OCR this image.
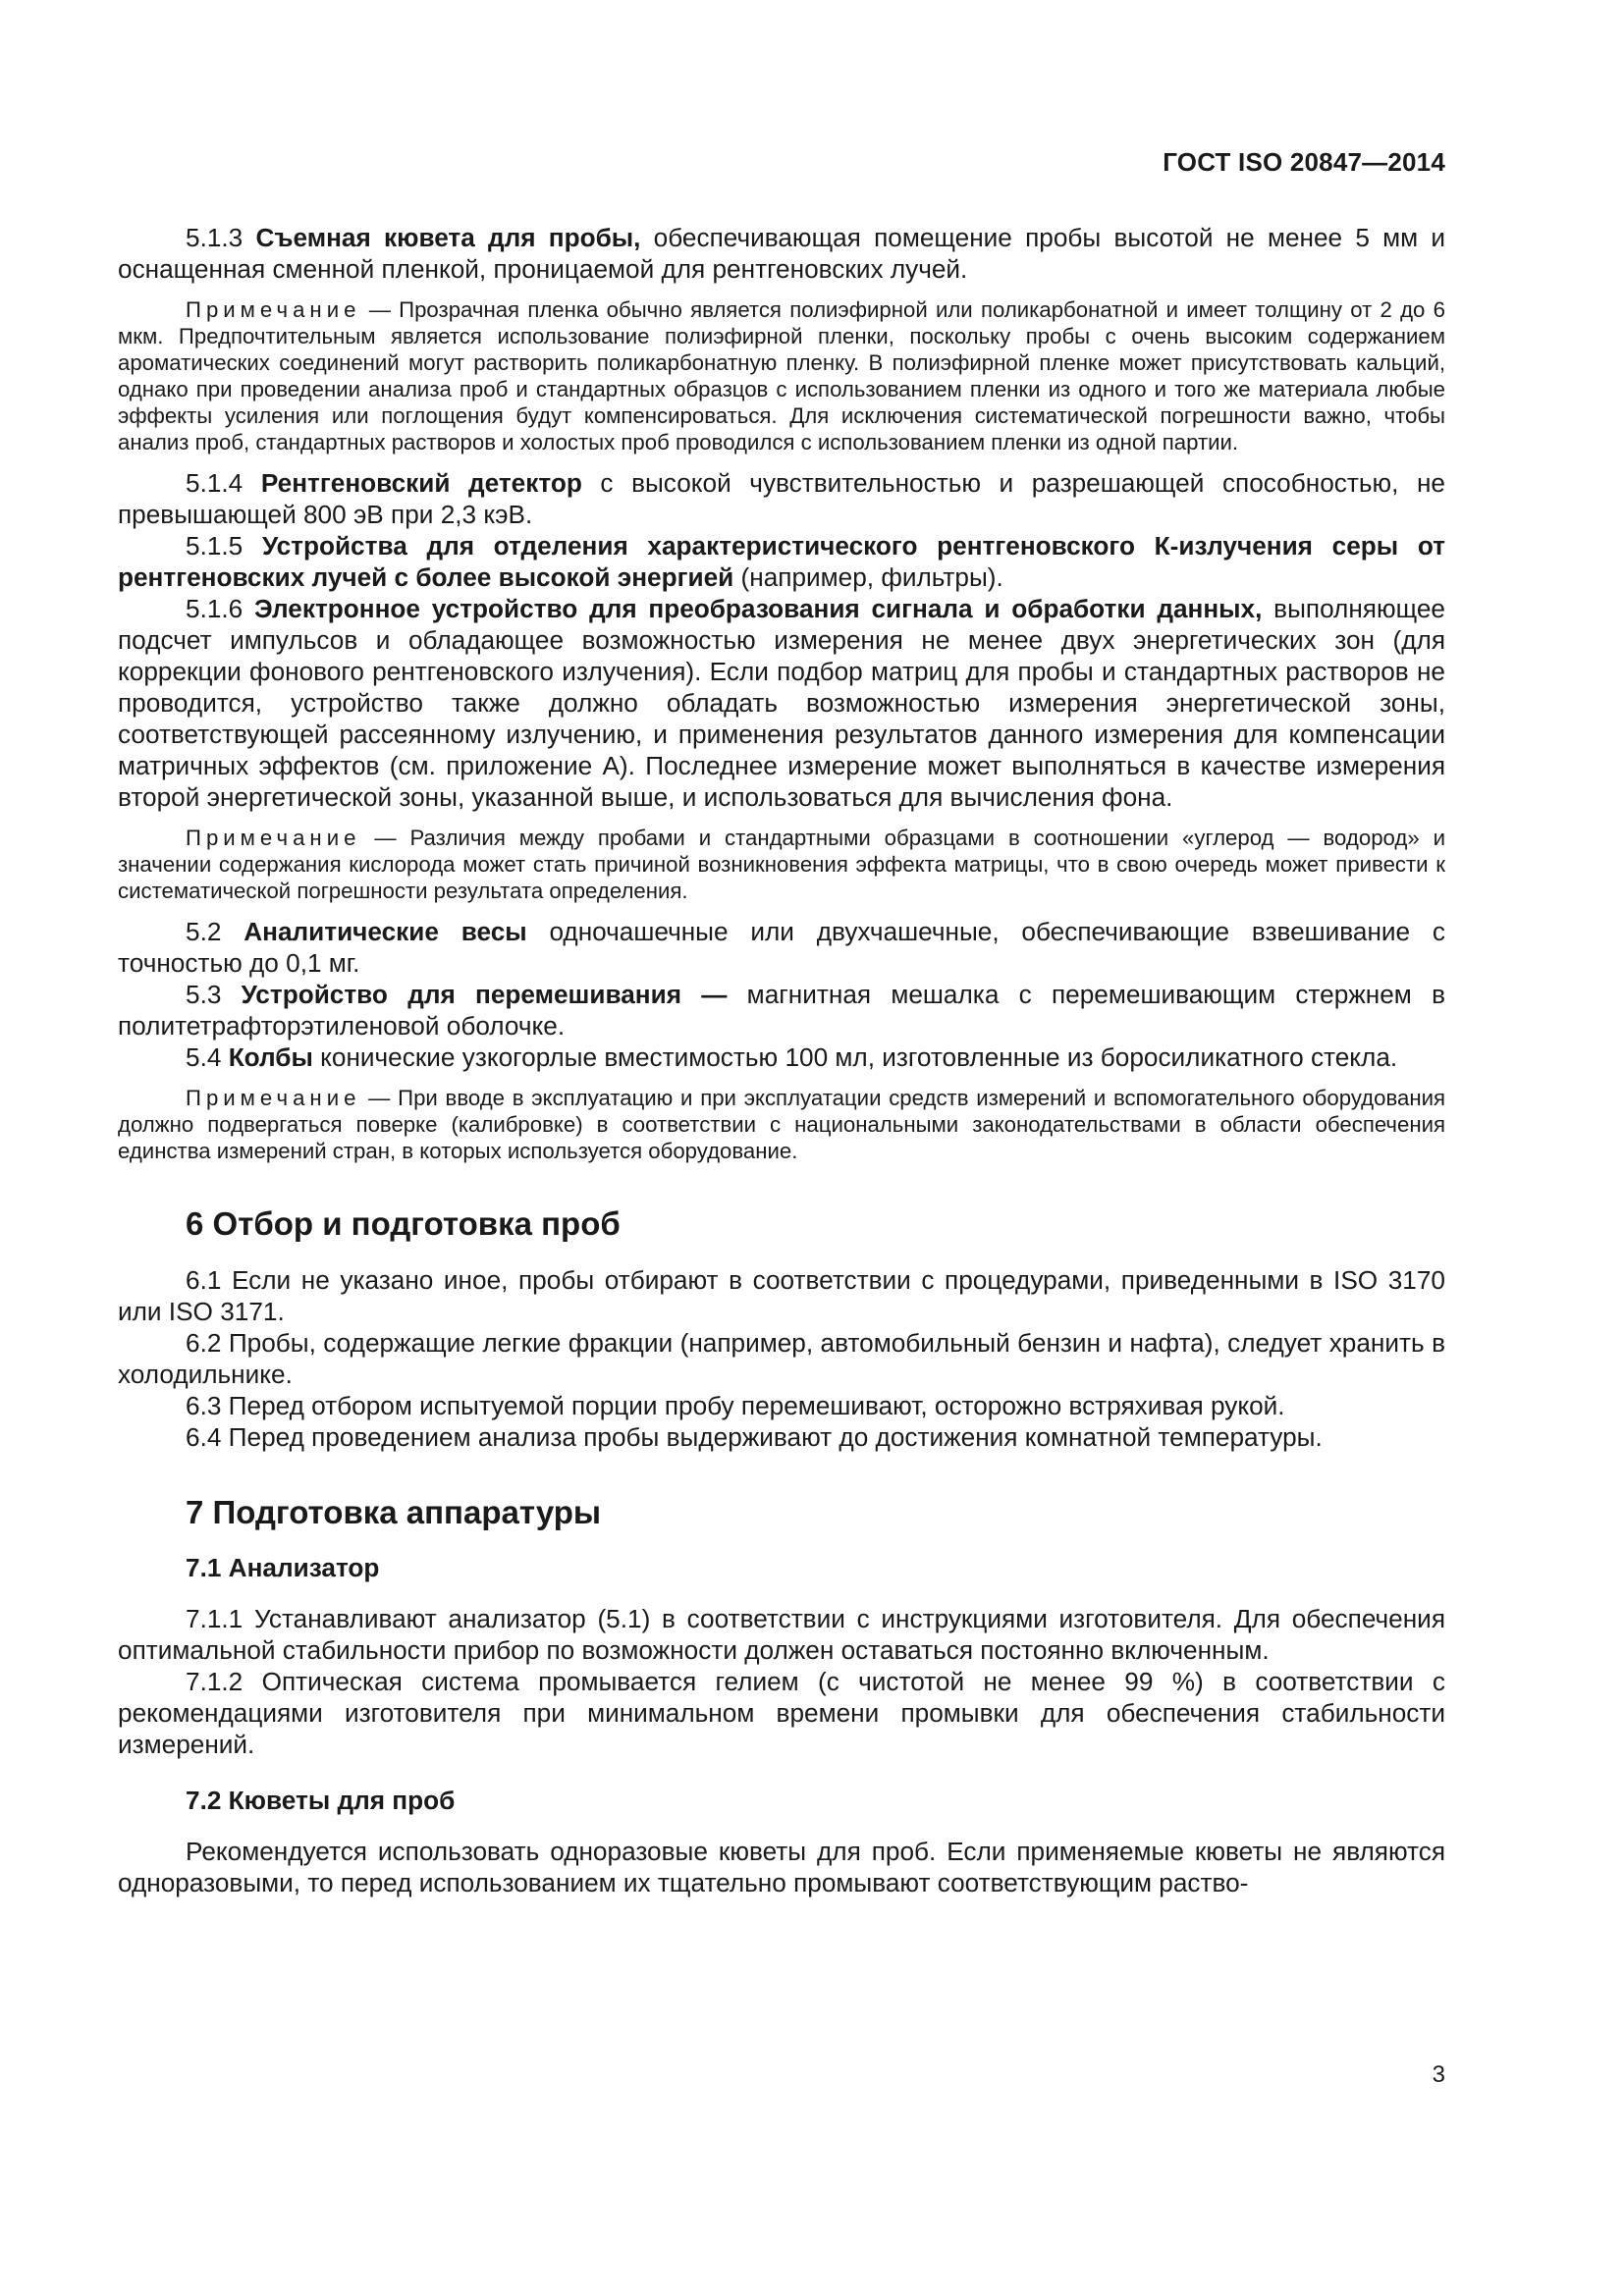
ГОСТ ISO 20847—2014

5.1.3 Съемная кювета для пробы, обеспечивающая помещение пробы высотой не менее 5 мм и оснащенная сменной пленкой, проницаемой для рентгеновских лучей.

Примечание — Прозрачная пленка обычно является полиэфирной или поликарбонатной и имеет толщину от 2 до 6 мкм. Предпочтительным является использование полиэфирной пленки, поскольку пробы с очень высоким содержанием ароматических соединений могут растворить поликарбонатную пленку. В полиэфирной пленке может присутствовать кальций, однако при проведении анализа проб и стандартных образцов с использованием пленки из одного и того же материала любые эффекты усиления или поглощения будут компенсироваться. Для исключения систематической погрешности важно, чтобы анализ проб, стандартных растворов и холостых проб проводился с использованием пленки из одной партии.

5.1.4 Рентгеновский детектор с высокой чувствительностью и разрешающей способностью, не превышающей 800 эВ при 2,3 кэВ.

5.1.5 Устройства для отделения характеристического рентгеновского К-излучения серы от рентгеновских лучей с более высокой энергией (например, фильтры).

5.1.6 Электронное устройство для преобразования сигнала и обработки данных, выполняющее подсчет импульсов и обладающее возможностью измерения не менее двух энергетических зон (для коррекции фонового рентгеновского излучения). Если подбор матриц для пробы и стандартных растворов не проводится, устройство также должно обладать возможностью измерения энергетической зоны, соответствующей рассеянному излучению, и применения результатов данного измерения для компенсации матричных эффектов (см. приложение А). Последнее измерение может выполняться в качестве измерения второй энергетической зоны, указанной выше, и использоваться для вычисления фона.

Примечание — Различия между пробами и стандартными образцами в соотношении «углерод — водород» и значении содержания кислорода может стать причиной возникновения эффекта матрицы, что в свою очередь может привести к систематической погрешности результата определения.

5.2 Аналитические весы одночашечные или двухчашечные, обеспечивающие взвешивание с точностью до 0,1 мг.

5.3 Устройство для перемешивания — магнитная мешалка с перемешивающим стержнем в политетрафторэтиленовой оболочке.

5.4 Колбы конические узкогорлые вместимостью 100 мл, изготовленные из боросиликатного стекла.

Примечание — При вводе в эксплуатацию и при эксплуатации средств измерений и вспомогательного оборудования должно подвергаться поверке (калибровке) в соответствии с национальными законодательствами в области обеспечения единства измерений стран, в которых используется оборудование.

6 Отбор и подготовка проб

6.1 Если не указано иное, пробы отбирают в соответствии с процедурами, приведенными в ISO 3170 или ISO 3171.

6.2 Пробы, содержащие легкие фракции (например, автомобильный бензин и нафта), следует хранить в холодильнике.

6.3 Перед отбором испытуемой порции пробу перемешивают, осторожно встряхивая рукой.

6.4 Перед проведением анализа пробы выдерживают до достижения комнатной температуры.

7 Подготовка аппаратуры
7.1 Анализатор

7.1.1 Устанавливают анализатор (5.1) в соответствии с инструкциями изготовителя. Для обеспечения оптимальной стабильности прибор по возможности должен оставаться постоянно включенным.

7.1.2 Оптическая система промывается гелием (с чистотой не менее 99 %) в соответствии с рекомендациями изготовителя при минимальном времени промывки для обеспечения стабильности измерений.

7.2 Кюветы для проб

Рекомендуется использовать одноразовые кюветы для проб. Если применяемые кюветы не являются одноразовыми, то перед использованием их тщательно промывают соответствующим раство-

3
